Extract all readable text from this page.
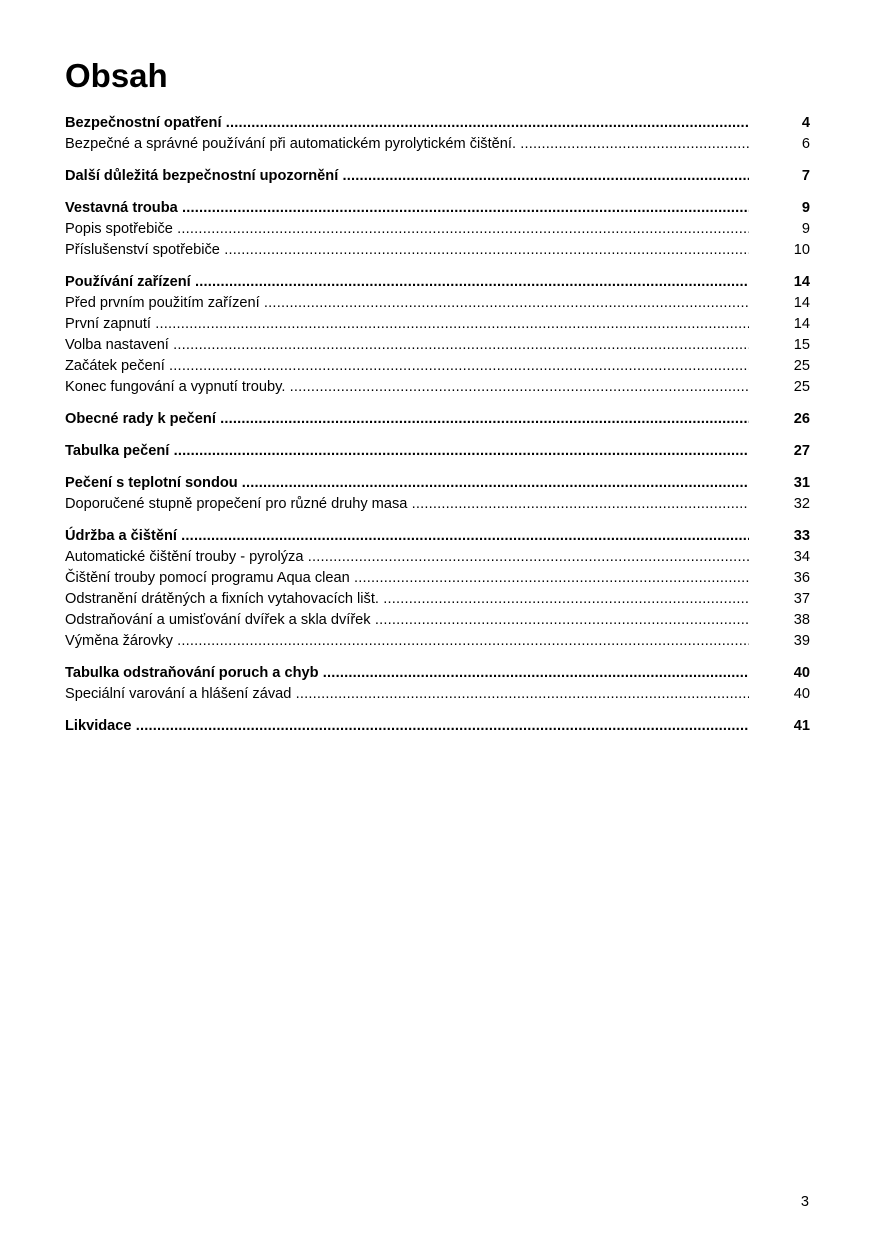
Obsah
Bezpečnostní opatření .....	4
Bezpečné a správné používání při automatickém pyrolytickém čištění. .....	6
Další důležitá bezpečnostní upozornění .....	7
Vestavná trouba .....	9
Popis spotřebiče .....	9
Příslušenství spotřebiče .....	10
Používání zařízení .....	14
Před prvním použitím zařízení .....	14
První zapnutí .....	14
Volba nastavení .....	15
Začátek pečení .....	25
Konec fungování a vypnutí trouby. .....	25
Obecné rady k pečení .....	26
Tabulka pečení .....	27
Pečení s teplotní sondou .....	31
Doporučené stupně propečení pro různé druhy masa .....	32
Údržba a čištění .....	33
Automatické čištění trouby - pyrolýza .....	34
Čištění trouby pomocí programu Aqua clean .....	36
Odstranění drátěných a fixních vytahovacích lišt. .....	37
Odstraňování a umisťování dvířek a skla dvířek .....	38
Výměna žárovky .....	39
Tabulka odstraňování poruch a chyb .....	40
Speciální varování a hlášení závad .....	40
Likvidace .....	41
3
